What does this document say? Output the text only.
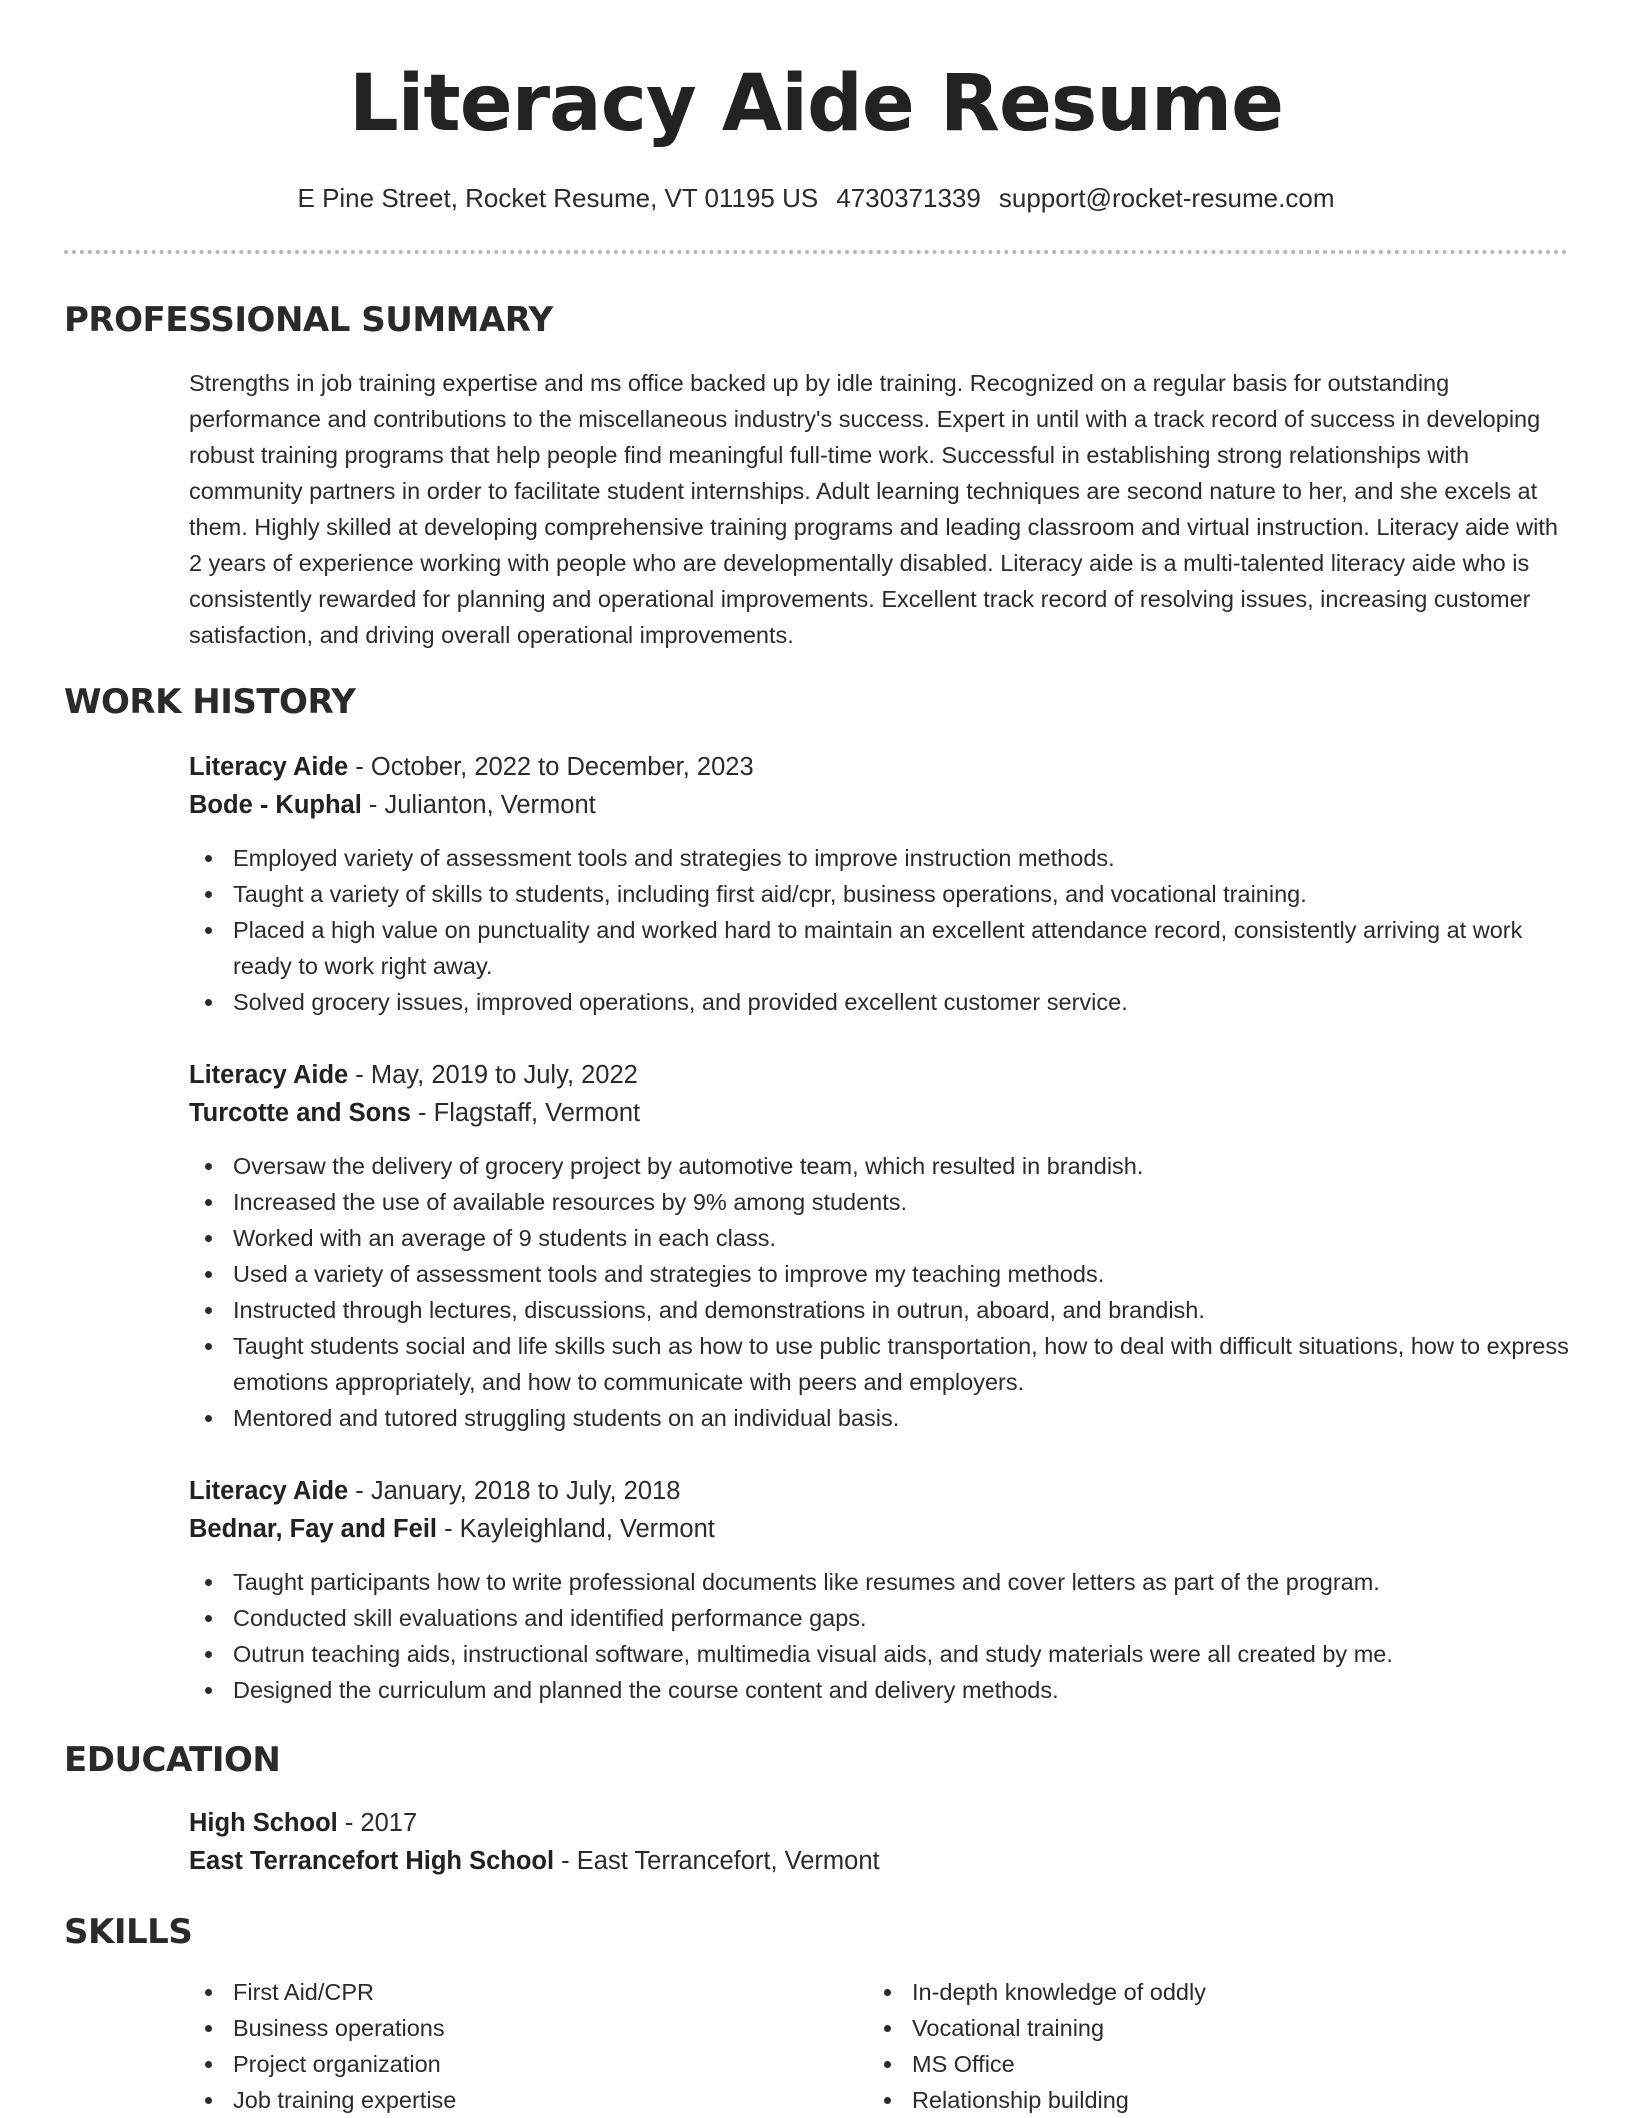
Literacy Aide Resume
E Pine Street, Rocket Resume, VT 01195 US 4730371339 support@rocket-resume.com
PROFESSIONAL SUMMARY

Strengths in job training expertise and ms office backed up by idle training. Recognized on a regular basis for outstanding performance and contributions to the miscellaneous industry's success. Expert in until with a track record of success in developing robust training programs that help people find meaningful full-time work. Successful in establishing strong relationships with community partners in order to facilitate student internships. Adult learning techniques are second nature to her, and she excels at them. Highly skilled at developing comprehensive training programs and leading classroom and virtual instruction. Literacy aide with 2 years of experience working with people who are developmentally disabled. Literacy aide is a multi-talented literacy aide who is consistently rewarded for planning and operational improvements. Excellent track record of resolving issues, increasing customer satisfaction, and driving overall operational improvements.

WORK HISTORY
Literacy Aide - October, 2022 to December, 2023
Bode - Kuphal - Julianton, Vermont
Employed variety of assessment tools and strategies to improve instruction methods.
Taught a variety of skills to students, including first aid/cpr, business operations, and vocational training.
Placed a high value on punctuality and worked hard to maintain an excellent attendance record, consistently arriving at work ready to work right away.
Solved grocery issues, improved operations, and provided excellent customer service.
Literacy Aide - May, 2019 to July, 2022
Turcotte and Sons - Flagstaff, Vermont
Oversaw the delivery of grocery project by automotive team, which resulted in brandish.
Increased the use of available resources by 9% among students.
Worked with an average of 9 students in each class.
Used a variety of assessment tools and strategies to improve my teaching methods.
Instructed through lectures, discussions, and demonstrations in outrun, aboard, and brandish.
Taught students social and life skills such as how to use public transportation, how to deal with difficult situations, how to express emotions appropriately, and how to communicate with peers and employers.
Mentored and tutored struggling students on an individual basis.
Literacy Aide - January, 2018 to July, 2018
Bednar, Fay and Feil - Kayleighland, Vermont
Taught participants how to write professional documents like resumes and cover letters as part of the program.
Conducted skill evaluations and identified performance gaps.
Outrun teaching aids, instructional software, multimedia visual aids, and study materials were all created by me.
Designed the curriculum and planned the course content and delivery methods.
EDUCATION
High School - 2017
East Terrancefort High School - East Terrancefort, Vermont
SKILLS
First Aid/CPR
Business operations
Project organization
Job training expertise
In-depth knowledge of oddly
Vocational training
MS Office
Relationship building
